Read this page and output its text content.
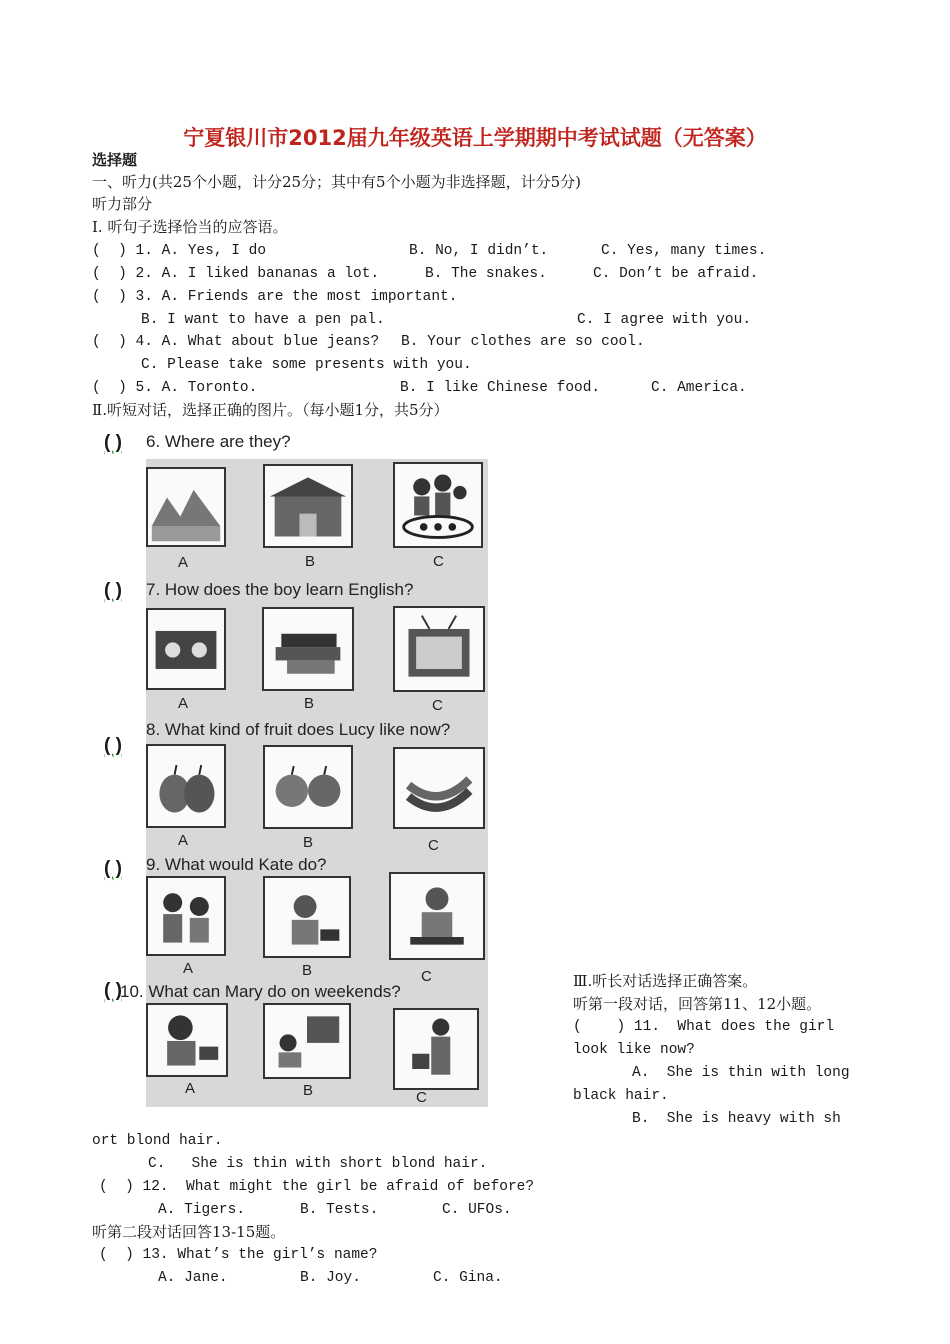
宁夏银川市2012届九年级英语上学期期中考试试题（无答案）
选择题
一、听力(共25个小题，计分25分；其中有5个小题为非选择题，计分5分)
听力部分
Ⅰ. 听句子选择恰当的应答语。
(  ) 1. A. Yes, I do	B. No, I didn’t.	C. Yes, many times.
(  ) 2. A. I liked bananas a lot.	B. The snakes.	C. Don’t be afraid.
(  ) 3. A. Friends are the most important.
B. I want to have a pen pal.	C. I agree with you.
(  ) 4. A. What about blue jeans? B. Your clothes are so cool.
C. Please take some presents with you.
(  ) 5. A. Toronto.	B. I like Chinese food.	C. America.
Ⅱ.听短对话，选择正确的图片。（每小题1分，共5分）
( ) 6. Where are they?
A	B	C
( ) 7. How does the boy learn English?
A	B	C
( )
8. What kind of fruit does Lucy like now?
A	B	C
( ) 9. What would Kate do?
A	B	C
( )
10. What can Mary do on weekends?
A	B	C
Ⅲ.听长对话选择正确答案。
听第一段对话，回答第11、12小题。
(    ) 11.  What does the girl
look like now?
A.  She is thin with long
black hair.
B.  She is heavy with sh
ort blond hair.
C.   She is thin with short blond hair.
(  ) 12.  What might the girl be afraid of before?
A. Tigers.	B. Tests.	C. UFOs.
听第二段对话回答13-15题。
(  ) 13. What’s the girl’s name?
A. Jane.	B. Joy.	C. Gina.
